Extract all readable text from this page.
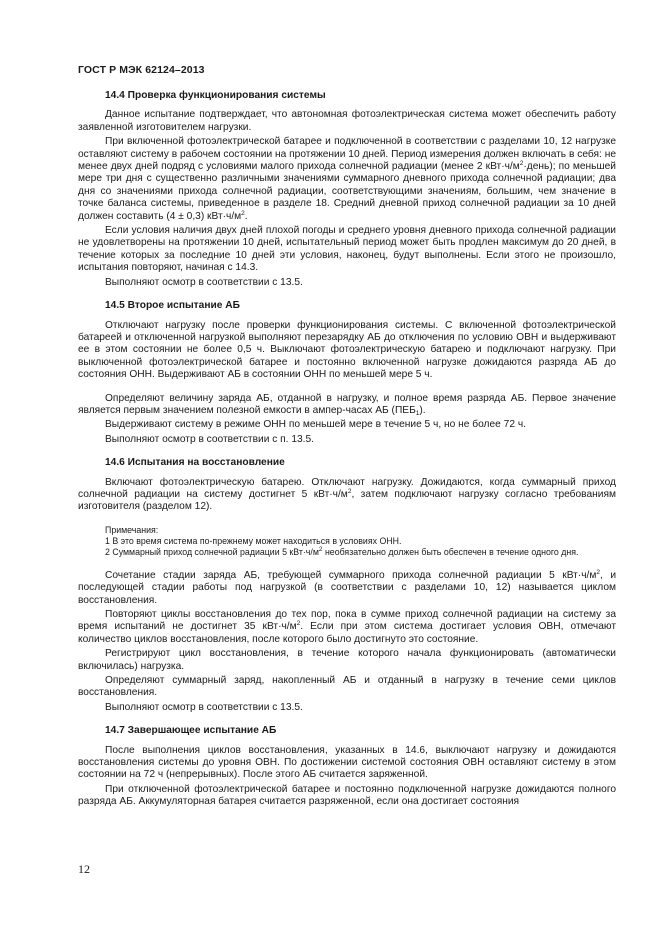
ГОСТ Р МЭК 62124–2013
14.4 Проверка функционирования системы
Данное испытание подтверждает, что автономная фотоэлектрическая система может обеспечить работу заявленной изготовителем нагрузки.
При включенной фотоэлектрической батарее и подключенной в соответствии с разделами 10, 12 нагрузке оставляют систему в рабочем состоянии на протяжении 10 дней. Период измерения должен включать в себя: не менее двух дней подряд с условиями малого прихода солнечной радиации (менее 2 $кВт\cdot ч/м^2\cdot день$); по меньшей мере три дня с существенно различными значениями суммарного дневного прихода солнечной радиации; два дня со значениями прихода солнечной радиации, соответствующими значениям, большим, чем значение в точке баланса системы, приведенное в разделе 18. Средний дневной приход солнечной радиации за 10 дней должен составить (4 ± 0,3) $кВт\cdot ч/м^2$.
Если условия наличия двух дней плохой погоды и среднего уровня дневного прихода солнечной радиации не удовлетворены на протяжении 10 дней, испытательный период может быть продлен максимум до 20 дней, в течение которых за последние 10 дней эти условия, наконец, будут выполнены. Если этого не произошло, испытания повторяют, начиная с 14.3.
Выполняют осмотр в соответствии с 13.5.
14.5 Второе испытание АБ
Отключают нагрузку после проверки функционирования системы. С включенной фотоэлектрической батареей и отключенной нагрузкой выполняют перезарядку АБ до отключения по условию ОВН и выдерживают ее в этом состоянии не более 0,5 ч. Выключают фотоэлектрическую батарею и подключают нагрузку. При выключенной фотоэлектрической батарее и постоянно включенной нагрузке дожидаются разряда АБ до состояния ОНН. Выдерживают АБ в состоянии ОНН по меньшей мере 5 ч.
Определяют величину заряда АБ, отданной в нагрузку, и полное время разряда АБ. Первое значение является первым значением полезной емкости в ампер-часах АБ $(ПЕБ_1)$.
Выдерживают систему в режиме ОНН по меньшей мере в течение 5 ч, но не более 72 ч.
Выполняют осмотр в соответствии с п. 13.5.
14.6 Испытания на восстановление
Включают фотоэлектрическую батарею. Отключают нагрузку. Дожидаются, когда суммарный приход солнечной радиации на систему достигнет 5 $кВт\cdot ч/м^2$, затем подключают нагрузку согласно требованиям изготовителя (разделом 12).
Примечания:
1 В это время система по-прежнему может находиться в условиях ОНН.
2 Суммарный приход солнечной радиации 5 $кВт\cdot ч/м^2$ необязательно должен быть обеспечен в течение одного дня.
Сочетание стадии заряда АБ, требующей суммарного прихода солнечной радиации 5 $кВт\cdot ч/м^2$, и последующей стадии работы под нагрузкой (в соответствии с разделами 10, 12) называется циклом восстановления.
Повторяют циклы восстановления до тех пор, пока в сумме приход солнечной радиации на систему за время испытаний не достигнет 35 $кВт\cdot ч/м^2$. Если при этом система достигает условия ОВН, отмечают количество циклов восстановления, после которого было достигнуто это состояние.
Регистрируют цикл восстановления, в течение которого начала функционировать (автоматически включилась) нагрузка.
Определяют суммарный заряд, накопленный АБ и отданный в нагрузку в течение семи циклов восстановления.
Выполняют осмотр в соответствии с 13.5.
14.7 Завершающее испытание АБ
После выполнения циклов восстановления, указанных в 14.6, выключают нагрузку и дожидаются восстановления системы до уровня ОВН. По достижении системой состояния ОВН оставляют систему в этом состоянии на 72 ч (непрерывных). После этого АБ считается заряженной.
При отключенной фотоэлектрической батарее и постоянно подключенной нагрузке дожидаются полного разряда АБ. Аккумуляторная батарея считается разряженной, если она достигает состояния
12
